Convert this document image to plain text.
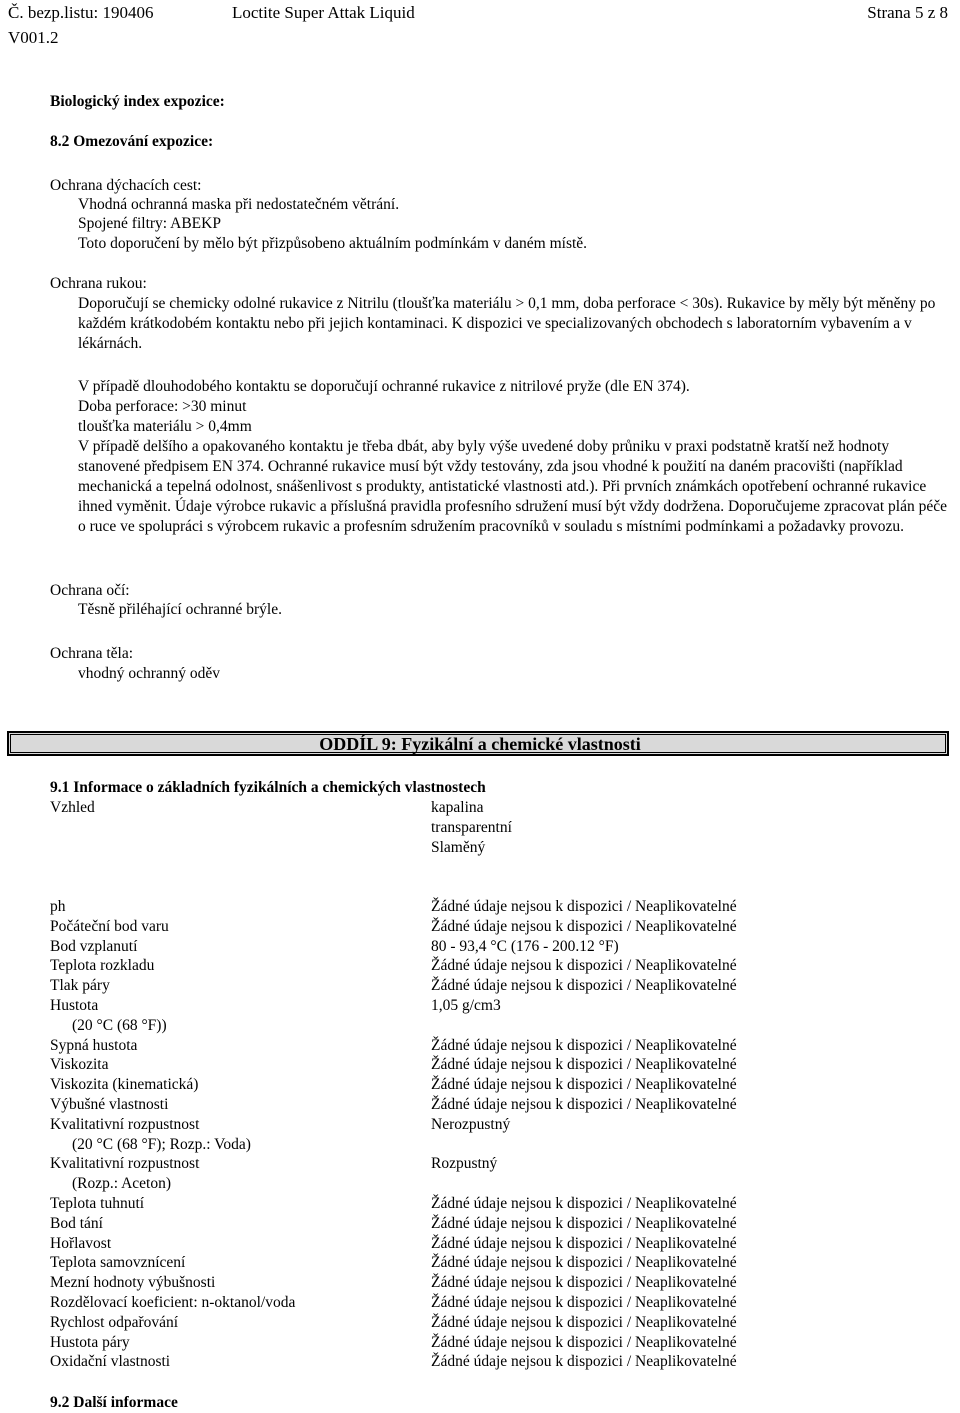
Č. bezp.listu: 190406	Loctite Super Attak Liquid	Strana 5 z 8
V001.2
Biologický index expozice:
8.2 Omezování expozice:
Ochrana dýchacích cest:
Vhodná ochranná maska při nedostatečném větrání.
Spojené filtry: ABEKP
Toto doporučení by mělo být přizpůsobeno aktuálním podmínkám v daném místě.
Ochrana rukou:
Doporučují se chemicky odolné rukavice z Nitrilu (tloušťka materiálu > 0,1 mm, doba perforace < 30s). Rukavice by měly být měněny po každém krátkodobém kontaktu nebo při jejich kontaminaci. K dispozici ve specializovaných obchodech s laboratorním vybavením a v lékárnách.
V případě dlouhodobého kontaktu se doporučují ochranné rukavice z nitrilové pryže (dle EN 374).
Doba perforace: >30 minut
tloušťka materiálu > 0,4mm
V případě delšího a opakovaného kontaktu je třeba dbát, aby byly výše uvedené doby průniku v praxi podstatně kratší než hodnoty stanovené předpisem EN 374. Ochranné rukavice musí být vždy testovány, zda jsou vhodné k použití na daném pracovišti (například mechanická a tepelná odolnost, snášenlivost s produkty, antistatické vlastnosti atd.). Při prvních známkách opotřebení ochranné rukavice ihned vyměnit. Údaje výrobce rukavic a příslušná pravidla profesního sdružení musí být vždy dodržena. Doporučujeme zpracovat plán péče o ruce ve spolupráci s výrobcem rukavic a profesním sdružením pracovníků v souladu s místními podmínkami a požadavky provozu.
Ochrana očí:
Těsně přiléhající ochranné brýle.
Ochrana těla:
vhodný ochranný oděv
ODDÍL 9: Fyzikální a chemické vlastnosti
9.1 Informace o základních fyzikálních a chemických vlastnostech
Vzhled	kapalina
transparentní
Slaměný
ph	Žádné údaje nejsou k dispozici / Neaplikovatelné
Počáteční bod varu	Žádné údaje nejsou k dispozici / Neaplikovatelné
Bod vzplanutí	80 - 93,4 °C (176 - 200.12 °F)
Teplota rozkladu	Žádné údaje nejsou k dispozici / Neaplikovatelné
Tlak páry	Žádné údaje nejsou k dispozici / Neaplikovatelné
Hustota	1,05 g/cm3
(20 °C (68 °F))
Sypná hustota	Žádné údaje nejsou k dispozici / Neaplikovatelné
Viskozita	Žádné údaje nejsou k dispozici / Neaplikovatelné
Viskozita (kinematická)	Žádné údaje nejsou k dispozici / Neaplikovatelné
Výbušné vlastnosti	Žádné údaje nejsou k dispozici / Neaplikovatelné
Kvalitativní rozpustnost	Nerozpustný
(20 °C (68 °F); Rozp.: Voda)
Kvalitativní rozpustnost	Rozpustný
(Rozp.: Aceton)
Teplota tuhnutí	Žádné údaje nejsou k dispozici / Neaplikovatelné
Bod tání	Žádné údaje nejsou k dispozici / Neaplikovatelné
Hořlavost	Žádné údaje nejsou k dispozici / Neaplikovatelné
Teplota samovznícení	Žádné údaje nejsou k dispozici / Neaplikovatelné
Mezní hodnoty výbušnosti	Žádné údaje nejsou k dispozici / Neaplikovatelné
Rozdělovací koeficient: n-oktanol/voda	Žádné údaje nejsou k dispozici / Neaplikovatelné
Rychlost odpařování	Žádné údaje nejsou k dispozici / Neaplikovatelné
Hustota páry	Žádné údaje nejsou k dispozici / Neaplikovatelné
Oxidační vlastnosti	Žádné údaje nejsou k dispozici / Neaplikovatelné
9.2 Další informace
